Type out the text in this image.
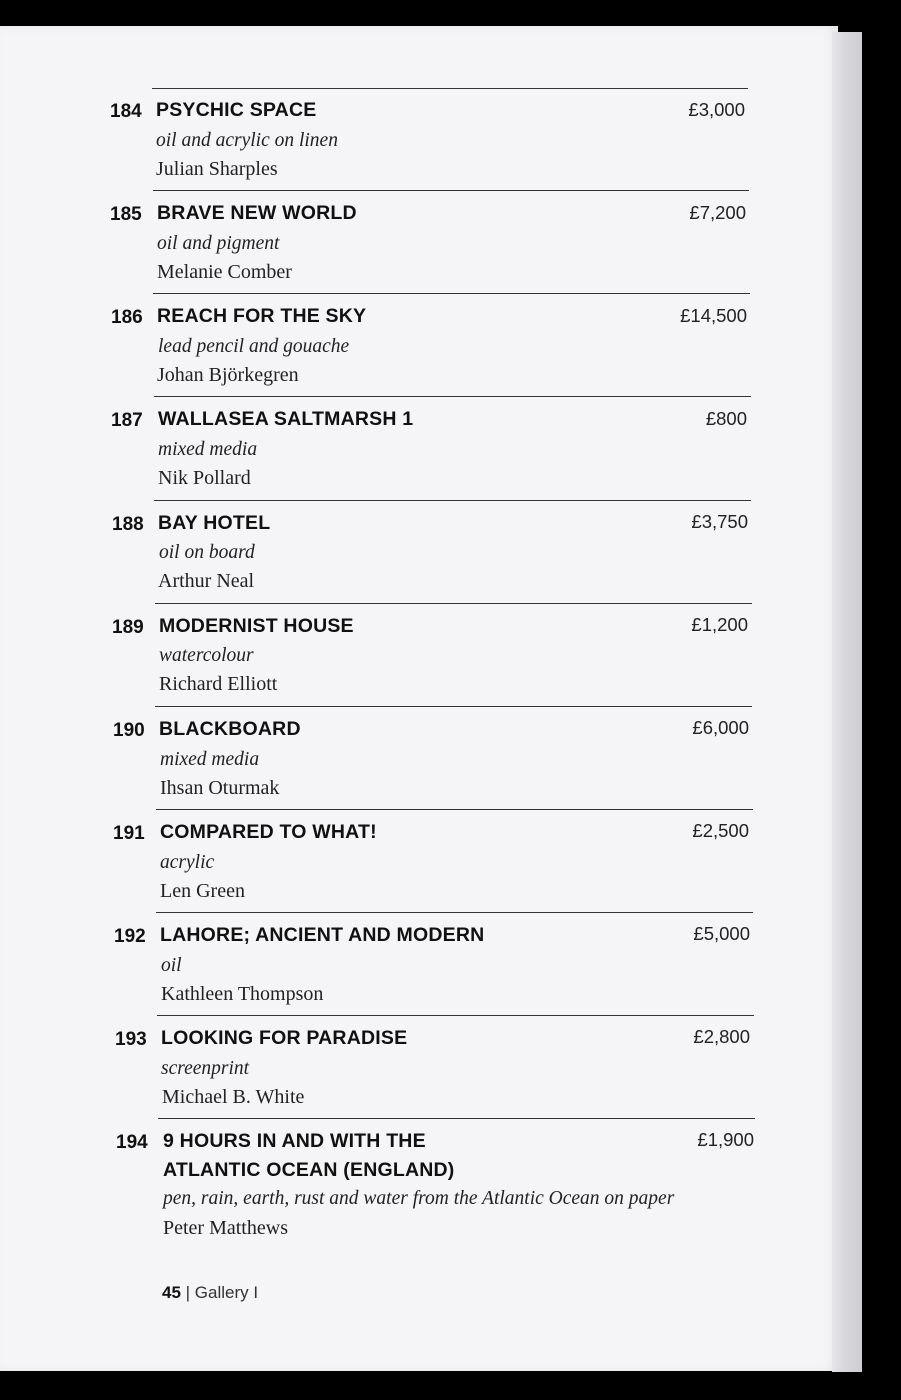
184 PSYCHIC SPACE
oil and acrylic on linen
Julian Sharples
£3,000
185 BRAVE NEW WORLD
oil and pigment
Melanie Comber
£7,200
186 REACH FOR THE SKY
lead pencil and gouache
Johan Björkegren
£14,500
187 WALLASEA SALTMARSH 1
mixed media
Nik Pollard
£800
188 BAY HOTEL
oil on board
Arthur Neal
£3,750
189 MODERNIST HOUSE
watercolour
Richard Elliott
£1,200
190 BLACKBOARD
mixed media
Ihsan Oturmak
£6,000
191 COMPARED TO WHAT!
acrylic
Len Green
£2,500
192 LAHORE; ANCIENT AND MODERN
oil
Kathleen Thompson
£5,000
193 LOOKING FOR PARADISE
screenprint
Michael B. White
£2,800
194 9 HOURS IN AND WITH THE
ATLANTIC OCEAN (ENGLAND)
pen, rain, earth, rust and water from the Atlantic Ocean on paper
Peter Matthews
£1,900
45 | Gallery I
